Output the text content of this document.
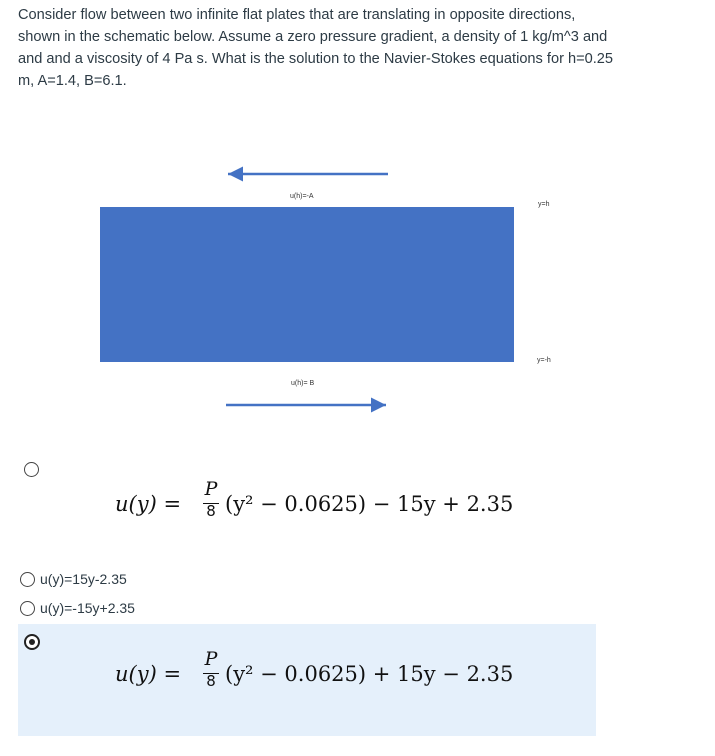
Consider flow between two infinite flat plates that are translating in opposite directions, shown in the schematic below. Assume a zero pressure gradient, a density of 1 kg/m^3 and and and a viscosity of 4 Pa s. What is the solution to the Navier-Stokes equations for h=0.25 m, A=1.4, B=6.1.
u(h)=-A
y=h
y=-h
u(h)= B
u(y) =
P
8 (y² − 0.0625) − 15y + 2.35
u(y)=15y-2.35
u(y)=-15y+2.35
u(y) =
P
8 (y² − 0.0625) + 15y − 2.35
